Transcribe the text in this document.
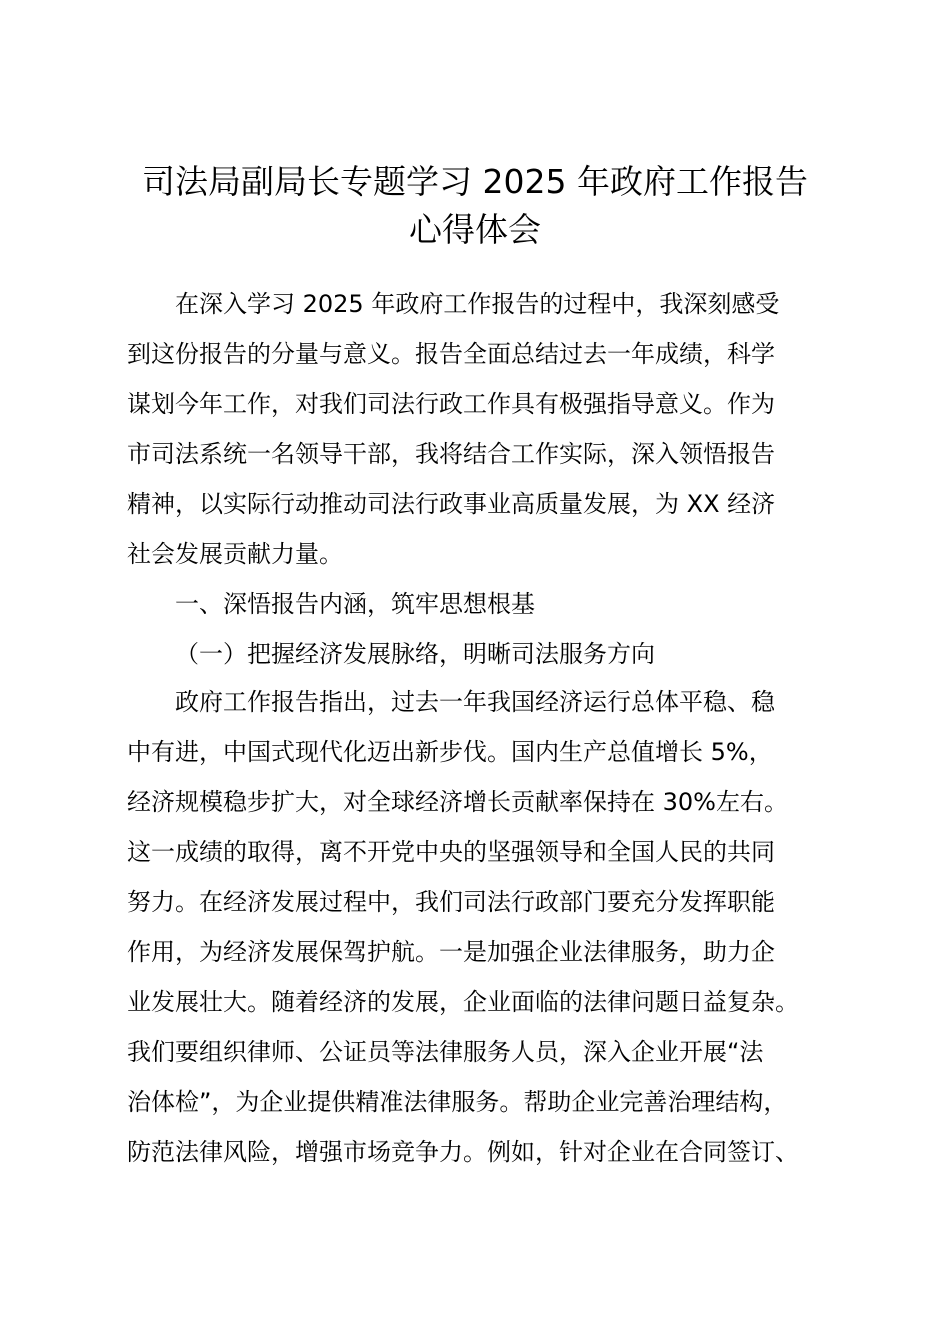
司法局副局长专题学习 2025 年政府工作报告
心得体会

在深入学习 2025 年政府工作报告的过程中，我深刻感受

到这份报告的分量与意义。报告全面总结过去一年成绩，科学

谋划今年工作，对我们司法行政工作具有极强指导意义。作为

市司法系统一名领导干部，我将结合工作实际，深入领悟报告

精神，以实际行动推动司法行政事业高质量发展，为 XX 经济

社会发展贡献力量。

一、深悟报告内涵，筑牢思想根基

（一）把握经济发展脉络，明晰司法服务方向

政府工作报告指出，过去一年我国经济运行总体平稳、稳

中有进，中国式现代化迈出新步伐。国内生产总值增长 5%，

经济规模稳步扩大，对全球经济增长贡献率保持在 30%左右。

这一成绩的取得，离不开党中央的坚强领导和全国人民的共同

努力。在经济发展过程中，我们司法行政部门要充分发挥职能

作用，为经济发展保驾护航。一是加强企业法律服务，助力企

业发展壮大。随着经济的发展，企业面临的法律问题日益复杂。

我们要组织律师、公证员等法律服务人员，深入企业开展“法

治体检”，为企业提供精准法律服务。帮助企业完善治理结构，

防范法律风险，增强市场竞争力。例如，针对企业在合同签订、
